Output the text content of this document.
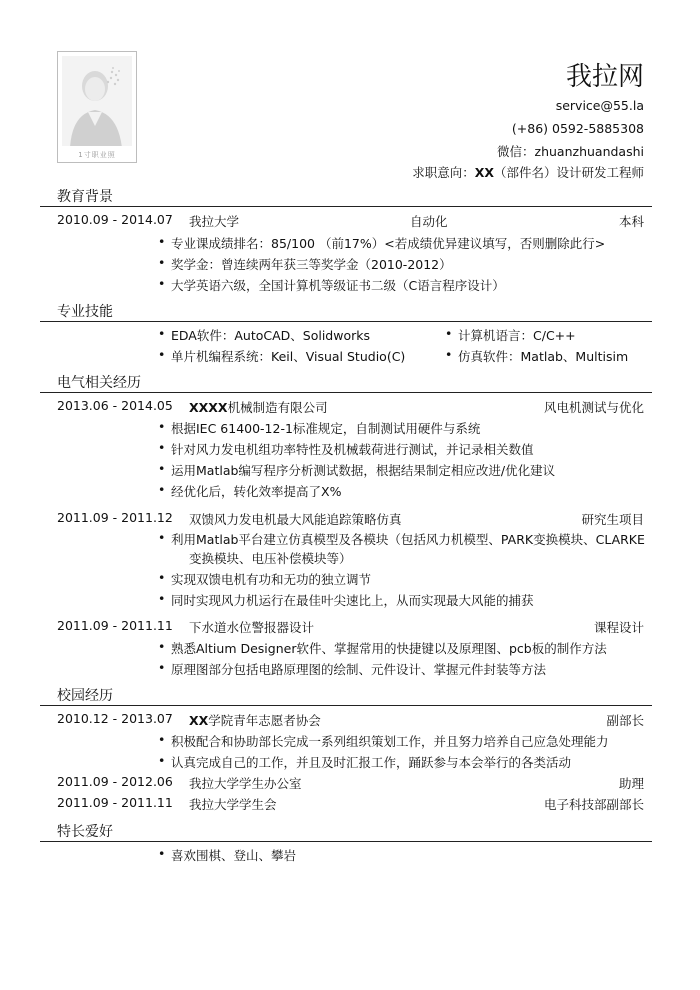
1寸职业照
我拉网
service@55.la
(+86) 0592-5885308
微信：zhuanzhuandashi
求职意向：XX（部件名）设计研发工程师
教育背景
2010.09 - 2014.07 我拉大学	自动化	本科
• 专业课成绩排名：85/100 （前17%）<若成绩优异建议填写，否则删除此行>
• 奖学金：曾连续两年获三等奖学金（2010-2012）
• 大学英语六级，全国计算机等级证书二级（C语言程序设计）
专业技能
• EDA软件：AutoCAD、Solidworks	• 计算机语言：C/C++
• 单片机编程系统：Keil、Visual Studio(C)	• 仿真软件：Matlab、Multisim
电气相关经历
2013.06 - 2014.05 XXXX机械制造有限公司	风电机测试与优化
• 根据IEC 61400-12-1标准规定，自制测试用硬件与系统
• 针对风力发电机组功率特性及机械载荷进行测试，并记录相关数值
• 运用Matlab编写程序分析测试数据，根据结果制定相应改进/优化建议
• 经优化后，转化效率提高了X%
2011.09 - 2011.12 双馈风力发电机最大风能追踪策略仿真	研究生项目
• 利用Matlab平台建立仿真模型及各模块（包括风力机模型、PARK变换模块、CLARKE
变换模块、电压补偿模块等）
• 实现双馈电机有功和无功的独立调节
• 同时实现风力机运行在最佳叶尖速比上，从而实现最大风能的捕获
2011.09 - 2011.11 下水道水位警报器设计	课程设计
• 熟悉Altium Designer软件、掌握常用的快捷键以及原理图、pcb板的制作方法
• 原理图部分包括电路原理图的绘制、元件设计、掌握元件封装等方法
校园经历
2010.12 - 2013.07 XX学院青年志愿者协会	副部长
• 积极配合和协助部长完成一系列组织策划工作，并且努力培养自己应急处理能力
• 认真完成自己的工作，并且及时汇报工作，踊跃参与本会举行的各类活动
2011.09 - 2012.06 我拉大学学生办公室	助理
2011.09 - 2011.11 我拉大学学生会	电子科技部副部长
特长爱好
• 喜欢围棋、登山、攀岩
